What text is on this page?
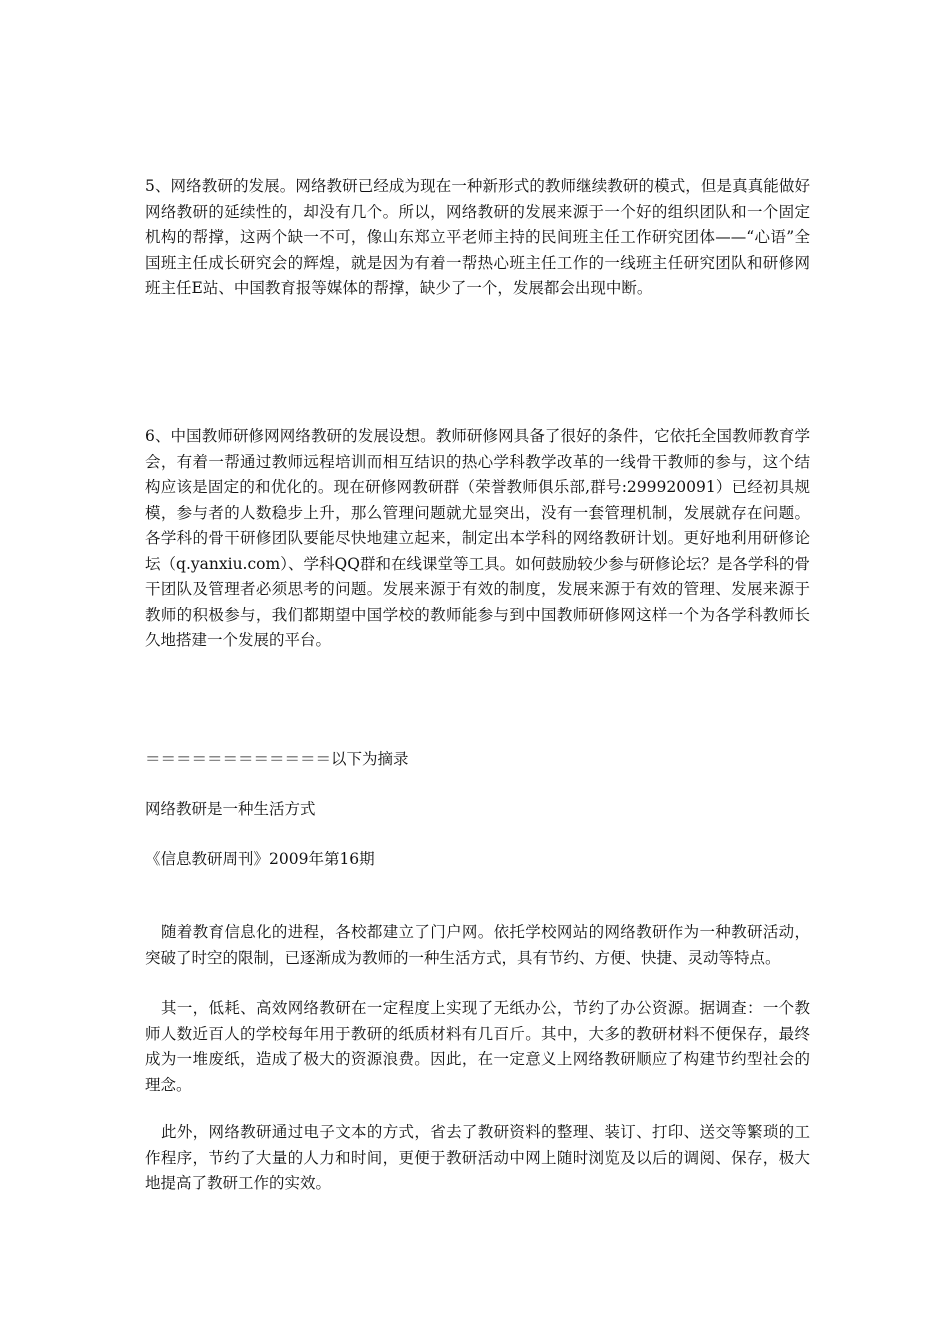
5、网络教研的发展。网络教研已经成为现在一种新形式的教师继续教研的模式，但是真真能做好网络教研的延续性的，却没有几个。所以，网络教研的发展来源于一个好的组织团队和一个固定机构的帮撑，这两个缺一不可，像山东郑立平老师主持的民间班主任工作研究团体——“心语”全国班主任成长研究会的辉煌，就是因为有着一帮热心班主任工作的一线班主任研究团队和研修网班主任E站、中国教育报等媒体的帮撑，缺少了一个，发展都会出现中断。

6、中国教师研修网网络教研的发展设想。教师研修网具备了很好的条件，它依托全国教师教育学会，有着一帮通过教师远程培训而相互结识的热心学科教学改革的一线骨干教师的参与，这个结构应该是固定的和优化的。现在研修网教研群（荣誉教师俱乐部,群号:299920091）已经初具规模，参与者的人数稳步上升，那么管理问题就尤显突出，没有一套管理机制，发展就存在问题。各学科的骨干研修团队要能尽快地建立起来，制定出本学科的网络教研计划。更好地利用研修论坛（q.yanxiu.com）、学科QQ群和在线课堂等工具。如何鼓励较少参与研修论坛？是各学科的骨干团队及管理者必须思考的问题。发展来源于有效的制度，发展来源于有效的管理、发展来源于教师的积极参与，我们都期望中国学校的教师能参与到中国教师研修网这样一个为各学科教师长久地搭建一个发展的平台。

＝＝＝＝＝＝＝＝＝＝＝＝以下为摘录

网络教研是一种生活方式

《信息教研周刊》2009年第16期

随着教育信息化的进程，各校都建立了门户网。依托学校网站的网络教研作为一种教研活动，突破了时空的限制，已逐渐成为教师的一种生活方式，具有节约、方便、快捷、灵动等特点。

其一，低耗、高效网络教研在一定程度上实现了无纸办公，节约了办公资源。据调查：一个教师人数近百人的学校每年用于教研的纸质材料有几百斤。其中，大多的教研材料不便保存，最终成为一堆废纸，造成了极大的资源浪费。因此，在一定意义上网络教研顺应了构建节约型社会的理念。

此外，网络教研通过电子文本的方式，省去了教研资料的整理、装订、打印、送交等繁琐的工作程序，节约了大量的人力和时间，更便于教研活动中网上随时浏览及以后的调阅、保存，极大地提高了教研工作的实效。
